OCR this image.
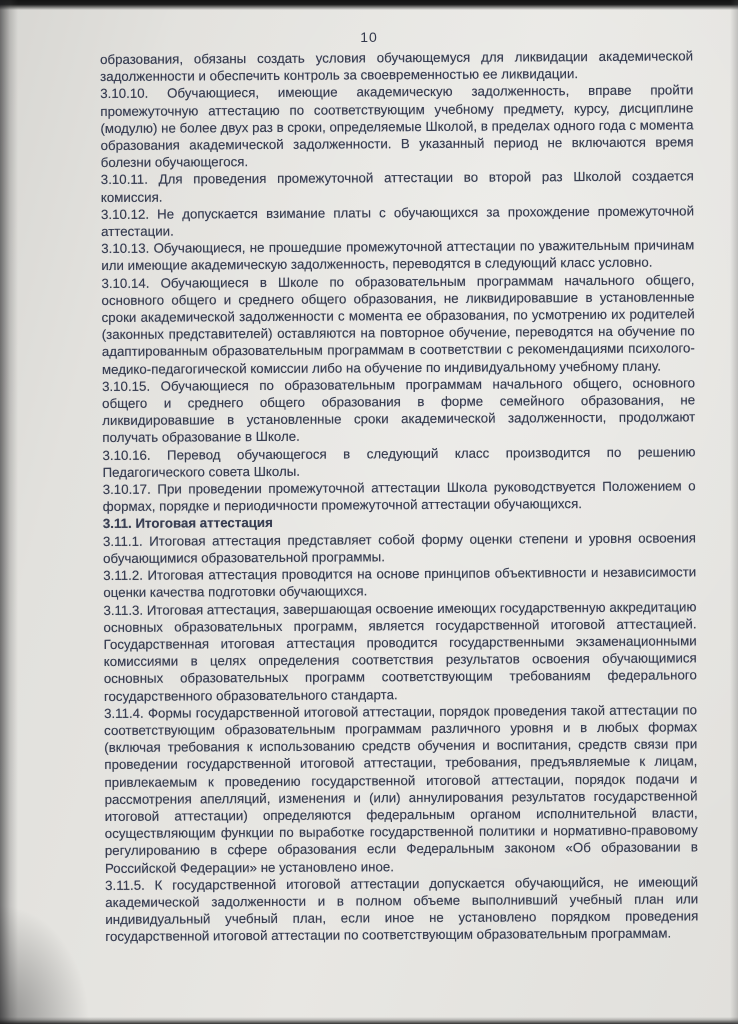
10

образования, обязаны создать условия обучающемуся для ликвидации академической задолженности и обеспечить контроль за своевременностью ее ликвидации.

3.10.10. Обучающиеся, имеющие академическую задолженность, вправе пройти промежуточную аттестацию по соответствующим учебному предмету, курсу, дисциплине (модулю) не более двух раз в сроки, определяемые Школой, в пределах одного года с момента образования академической задолженности. В указанный период не включаются время болезни обучающегося.

3.10.11. Для проведения промежуточной аттестации во второй раз Школой создается комиссия.

3.10.12. Не допускается взимание платы с обучающихся за прохождение промежуточной аттестации.

3.10.13. Обучающиеся, не прошедшие промежуточной аттестации по уважительным причинам или имеющие академическую задолженность, переводятся в следующий класс условно.

3.10.14. Обучающиеся в Школе по образовательным программам начального общего, основного общего и среднего общего образования, не ликвидировавшие в установленные сроки академической задолженности с момента ее образования, по усмотрению их родителей (законных представителей) оставляются на повторное обучение, переводятся на обучение по адаптированным образовательным программам в соответствии с рекомендациями психолого-медико-педагогической комиссии либо на обучение по индивидуальному учебному плану.

3.10.15. Обучающиеся по образовательным программам начального общего, основного общего и среднего общего образования в форме семейного образования, не ликвидировавшие в установленные сроки академической задолженности, продолжают получать образование в Школе.

3.10.16. Перевод обучающегося в следующий класс производится по решению Педагогического совета Школы.

3.10.17. При проведении промежуточной аттестации Школа руководствуется Положением о формах, порядке и периодичности промежуточной аттестации обучающихся.

3.11. Итоговая аттестация

3.11.1. Итоговая аттестация представляет собой форму оценки степени и уровня освоения обучающимися образовательной программы.

3.11.2. Итоговая аттестация проводится на основе принципов объективности и независимости оценки качества подготовки обучающихся.

3.11.3. Итоговая аттестация, завершающая освоение имеющих государственную аккредитацию основных образовательных программ, является государственной итоговой аттестацией. Государственная итоговая аттестация проводится государственными экзаменационными комиссиями в целях определения соответствия результатов освоения обучающимися основных образовательных программ соответствующим требованиям федерального государственного образовательного стандарта.

3.11.4. Формы государственной итоговой аттестации, порядок проведения такой аттестации по соответствующим образовательным программам различного уровня и в любых формах (включая требования к использованию средств обучения и воспитания, средств связи при проведении государственной итоговой аттестации, требования, предъявляемые к лицам, привлекаемым к проведению государственной итоговой аттестации, порядок подачи и рассмотрения апелляций, изменения и (или) аннулирования результатов государственной итоговой аттестации) определяются федеральным органом исполнительной власти, осуществляющим функции по выработке государственной политики и нормативно-правовому регулированию в сфере образования если Федеральным законом «Об образовании в Российской Федерации» не установлено иное.

3.11.5. К государственной итоговой аттестации допускается обучающийся, не имеющий академической задолженности и в полном объеме выполнивший учебный план или индивидуальный учебный план, если иное не установлено порядком проведения государственной итоговой аттестации по соответствующим образовательным программам.
